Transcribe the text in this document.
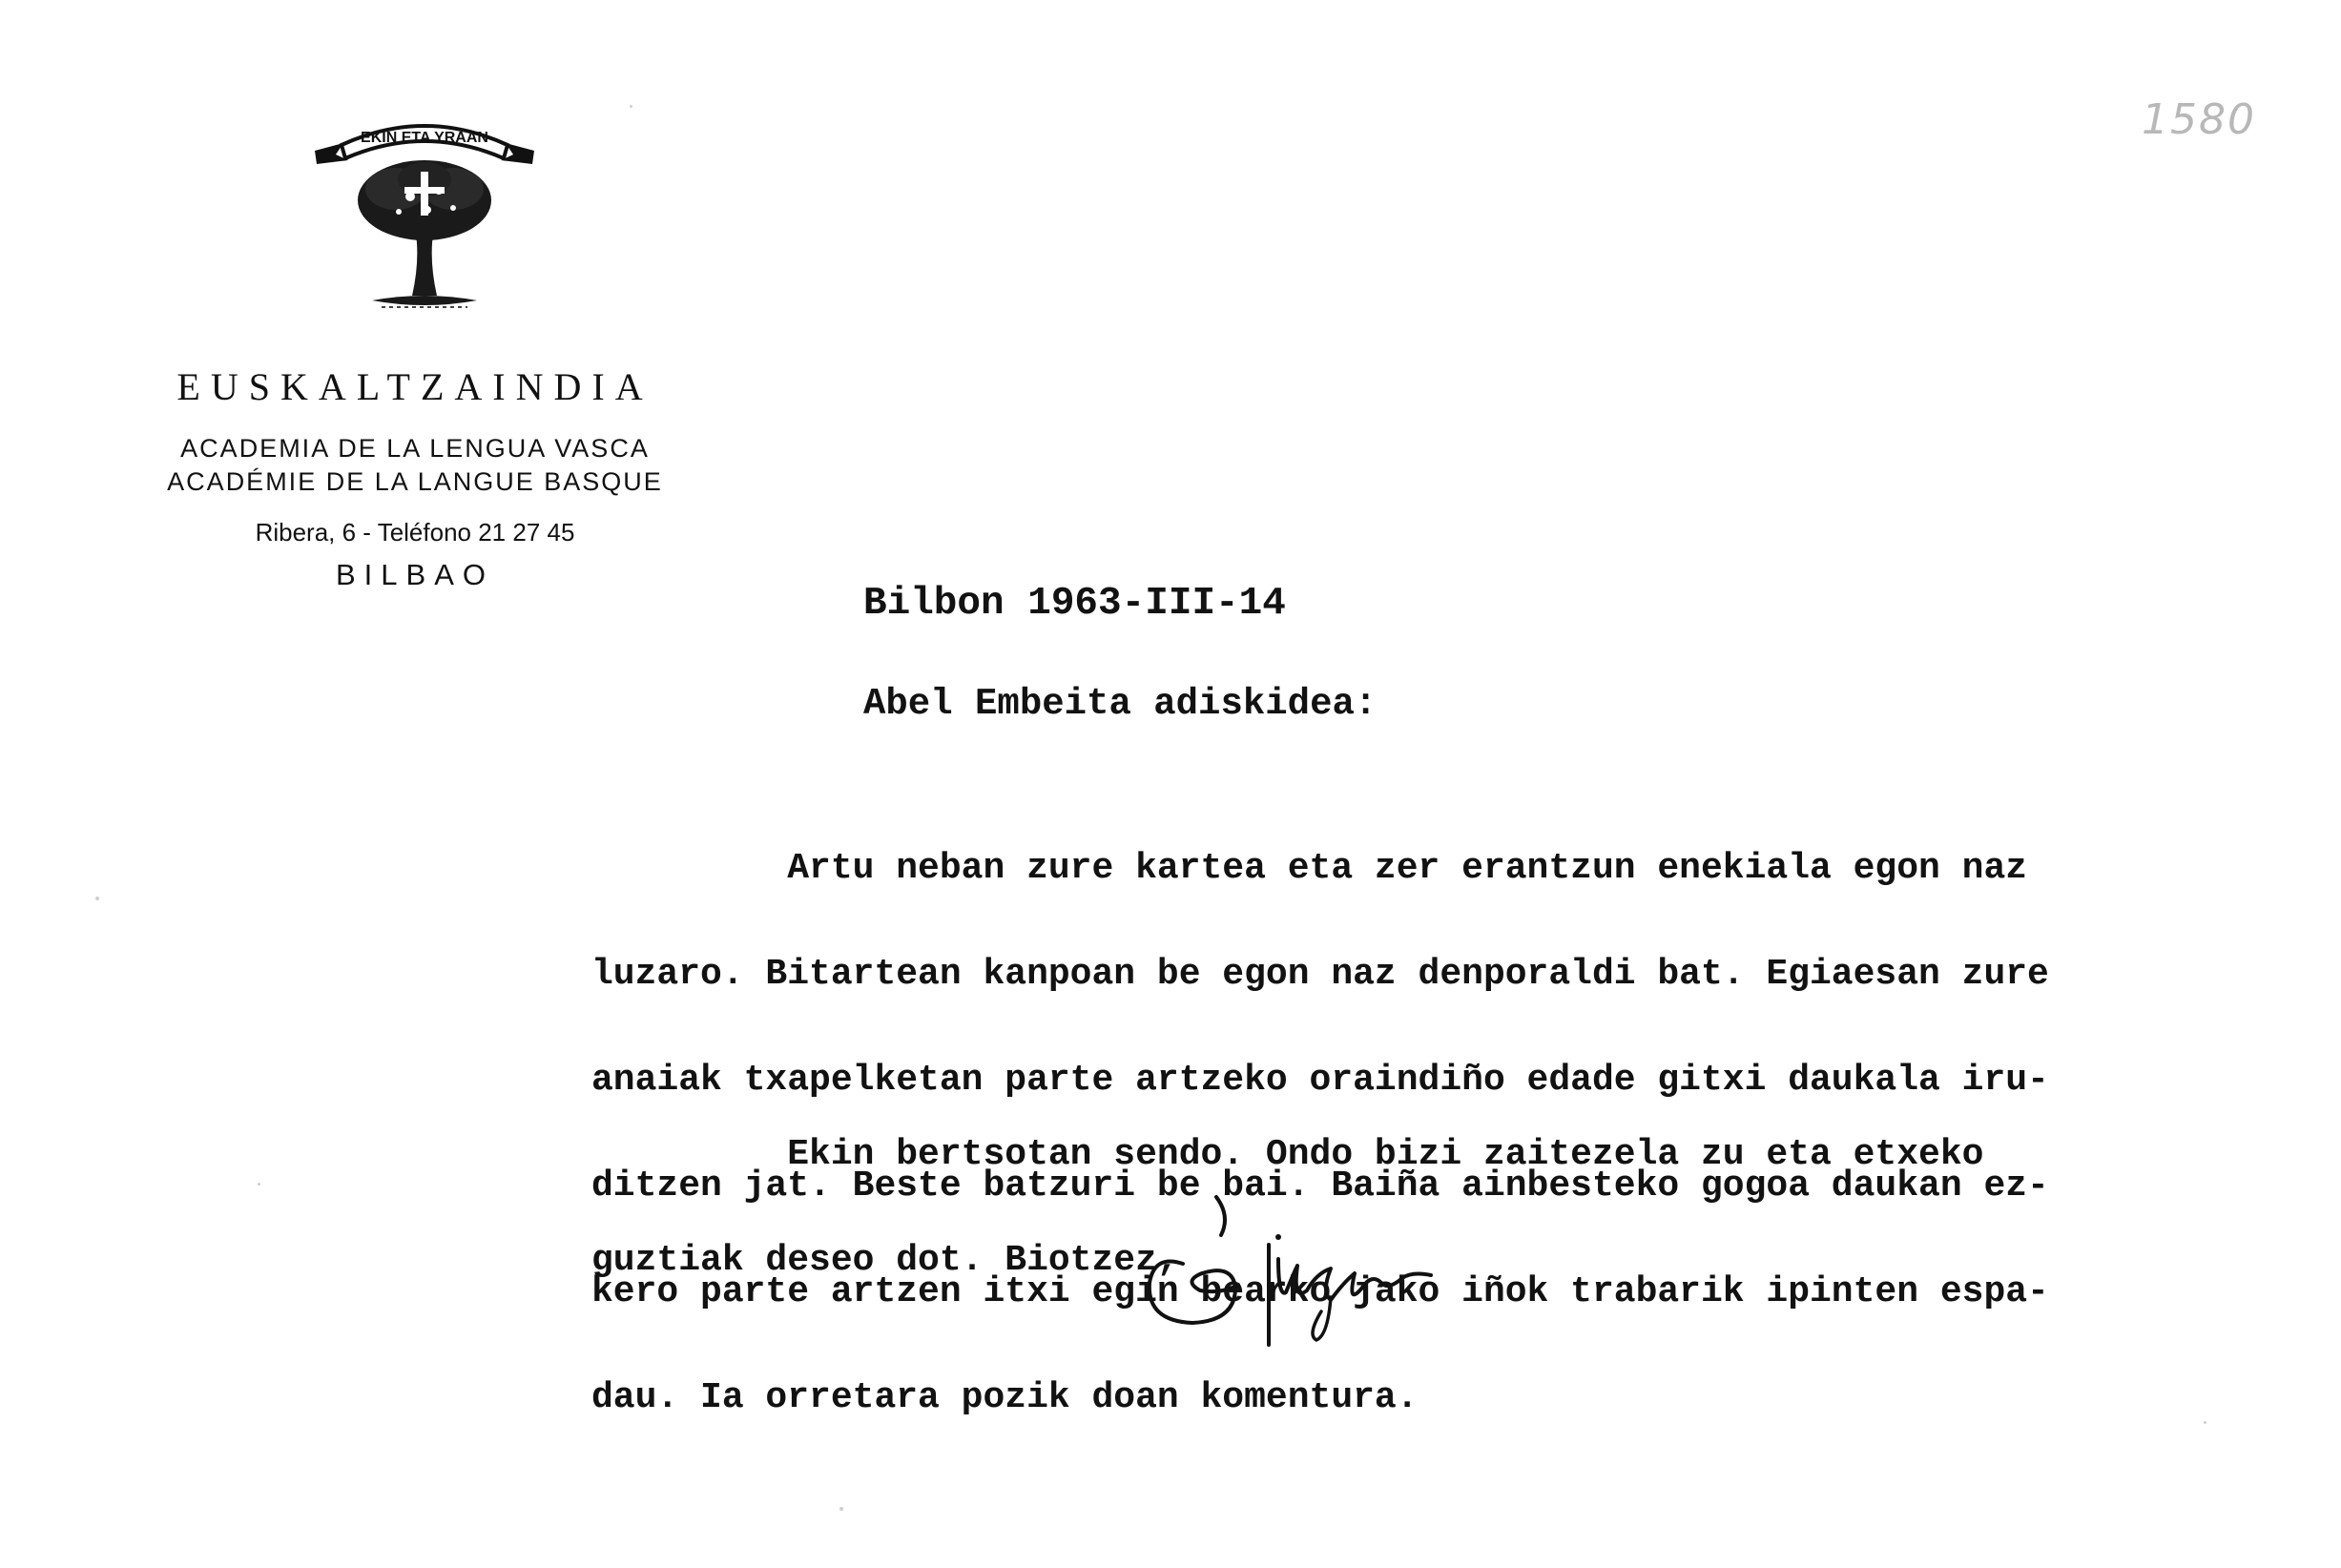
EKIN ETA YRAAN
EUSKALTZAINDIA
ACADEMIA DE LA LENGUA VASCA
ACADÉMIE DE LA LANGUE BASQUE
Ribera, 6 - Teléfono 21 27 45
BILBAO
1580
Bilbon 1963-III-14
Abel Embeita adiskidea:

Artu neban zure kartea eta zer erantzun enekiala egon naz

luzaro. Bitartean kanpoan be egon naz denporaldi bat. Egiaesan zure

anaiak txapelketan parte artzeko oraindiño edade gitxi daukala iru-

ditzen jat. Beste batzuri be bai. Baiña ainbesteko gogoa daukan ez-

kero parte artzen itxi egin bearko jako iñok trabarik ipinten espa-

dau. Ia orretara pozik doan komentura.

Ekin bertsotan sendo. Ondo bizi zaitezela zu eta etxeko

guztiak deseo dot. Biotzez,
